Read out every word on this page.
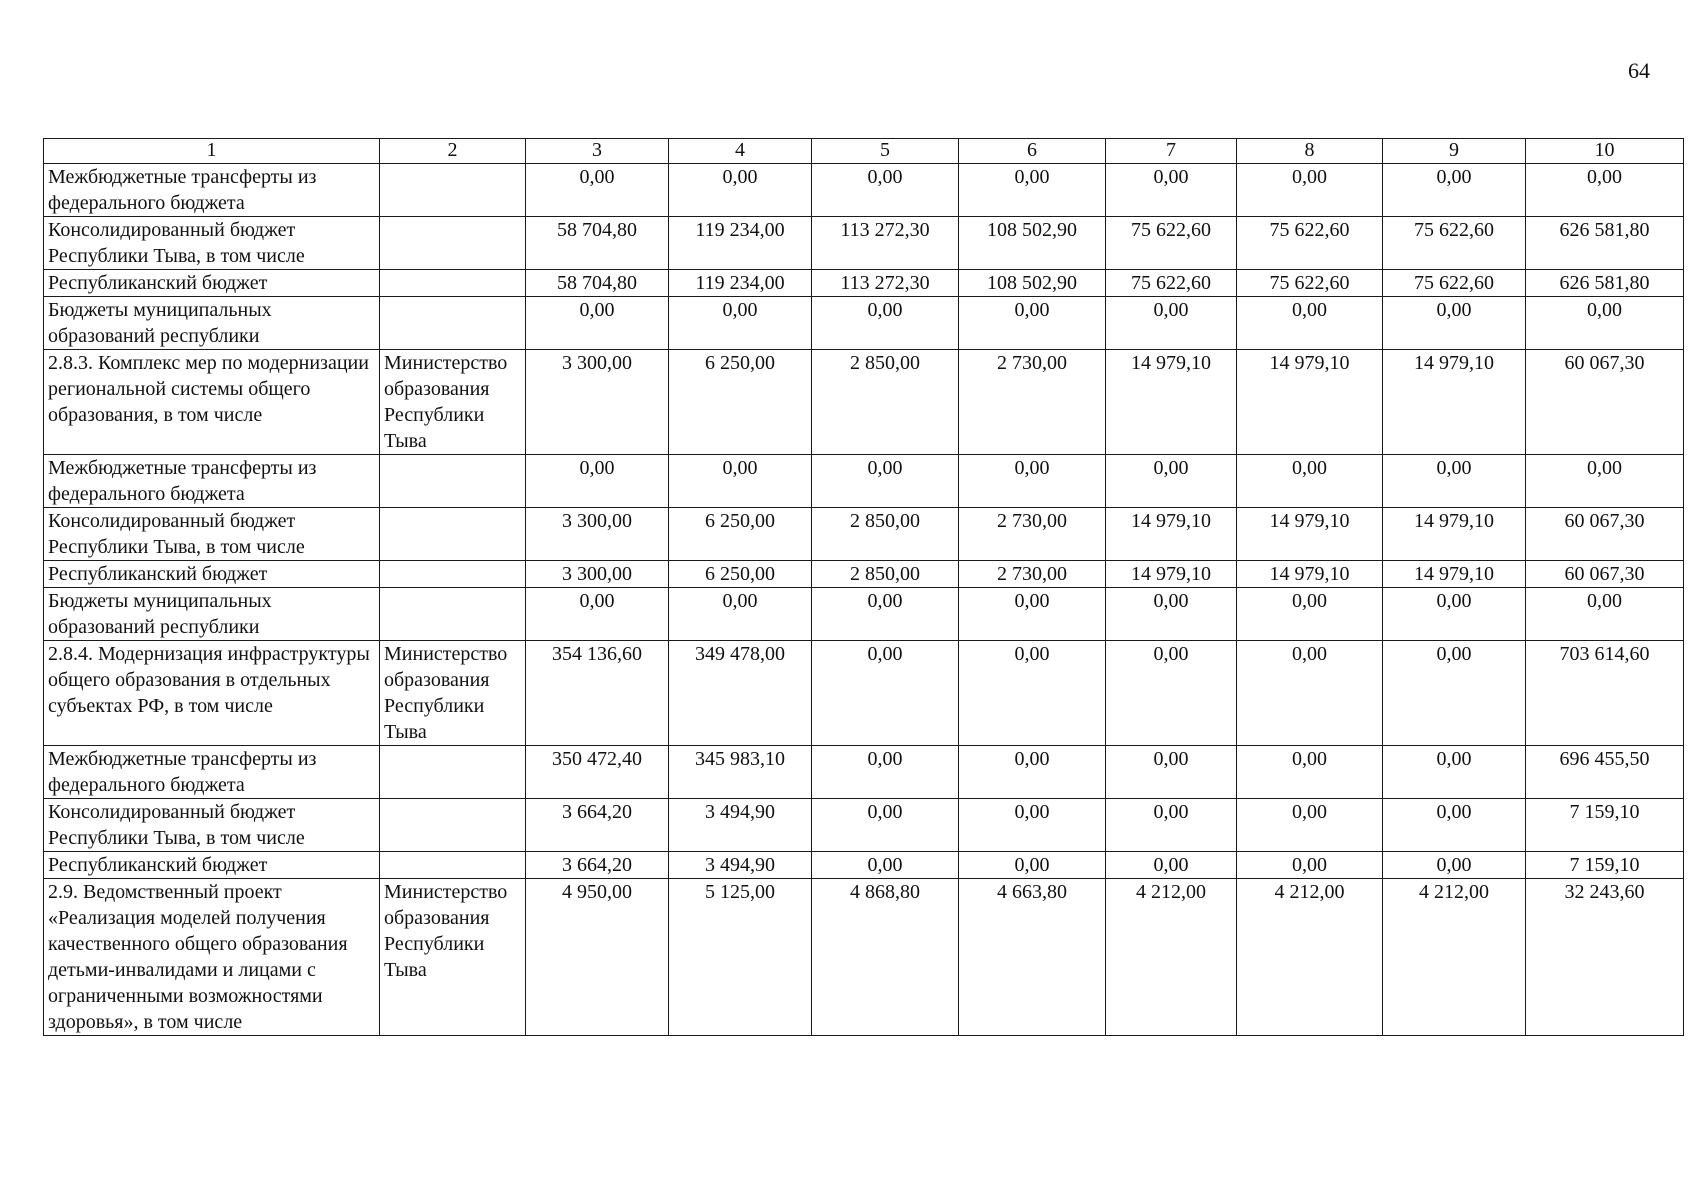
64
1	2	3	4	5	6	7	8	9	10
Межбюджетные трансферты из федерального бюджета		0,00	0,00	0,00	0,00	0,00	0,00	0,00	0,00
Консолидированный бюджет Республики Тыва, в том числе		58 704,80	119 234,00	113 272,30	108 502,90	75 622,60	75 622,60	75 622,60	626 581,80
Республиканский бюджет		58 704,80	119 234,00	113 272,30	108 502,90	75 622,60	75 622,60	75 622,60	626 581,80
Бюджеты муниципальных образований республики		0,00	0,00	0,00	0,00	0,00	0,00	0,00	0,00
2.8.3. Комплекс мер по модернизации региональной системы общего образования, в том числе	Министерство образования Республики Тыва	3 300,00	6 250,00	2 850,00	2 730,00	14 979,10	14 979,10	14 979,10	60 067,30
Межбюджетные трансферты из федерального бюджета		0,00	0,00	0,00	0,00	0,00	0,00	0,00	0,00
Консолидированный бюджет Республики Тыва, в том числе		3 300,00	6 250,00	2 850,00	2 730,00	14 979,10	14 979,10	14 979,10	60 067,30
Республиканский бюджет		3 300,00	6 250,00	2 850,00	2 730,00	14 979,10	14 979,10	14 979,10	60 067,30
Бюджеты муниципальных образований республики		0,00	0,00	0,00	0,00	0,00	0,00	0,00	0,00
2.8.4. Модернизация инфраструктуры общего образования в отдельных субъектах РФ, в том числе	Министерство образования Республики Тыва	354 136,60	349 478,00	0,00	0,00	0,00	0,00	0,00	703 614,60
Межбюджетные трансферты из федерального бюджета		350 472,40	345 983,10	0,00	0,00	0,00	0,00	0,00	696 455,50
Консолидированный бюджет Республики Тыва, в том числе		3 664,20	3 494,90	0,00	0,00	0,00	0,00	0,00	7 159,10
Республиканский бюджет		3 664,20	3 494,90	0,00	0,00	0,00	0,00	0,00	7 159,10
2.9. Ведомственный проект «Реализация моделей получения качественного общего образования детьми-инвалидами и лицами с ограниченными возможностями здоровья», в том числе	Министерство образования Республики Тыва	4 950,00	5 125,00	4 868,80	4 663,80	4 212,00	4 212,00	4 212,00	32 243,60
